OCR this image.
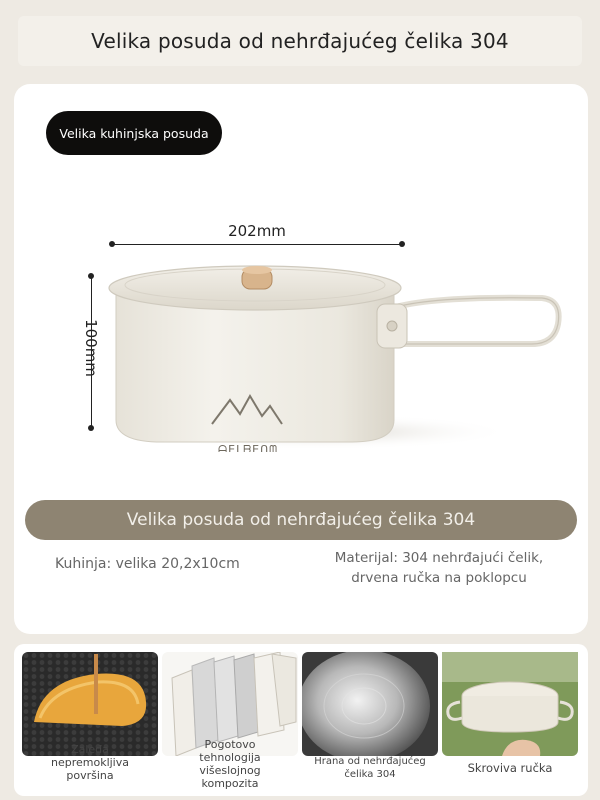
Velika posuda od nehrđajućeg čelika 304
Velika kuhinjska posuda
202mm
100mm
ᗩEᒪᗷEᑎᗰ
Velika posuda od nehrđajućeg čelika 304
Kuhinja: velika 20,2x10cm	Materijal: 304 nehrđajući čelik,
drvena ručka na poklopcu
Zaleđa
nepremokljiva
površina
Pogotovo
tehnologija
višeslojnog
kompozita
Hrana od nehrđajućeg
čelika 304	Skroviva ručka
